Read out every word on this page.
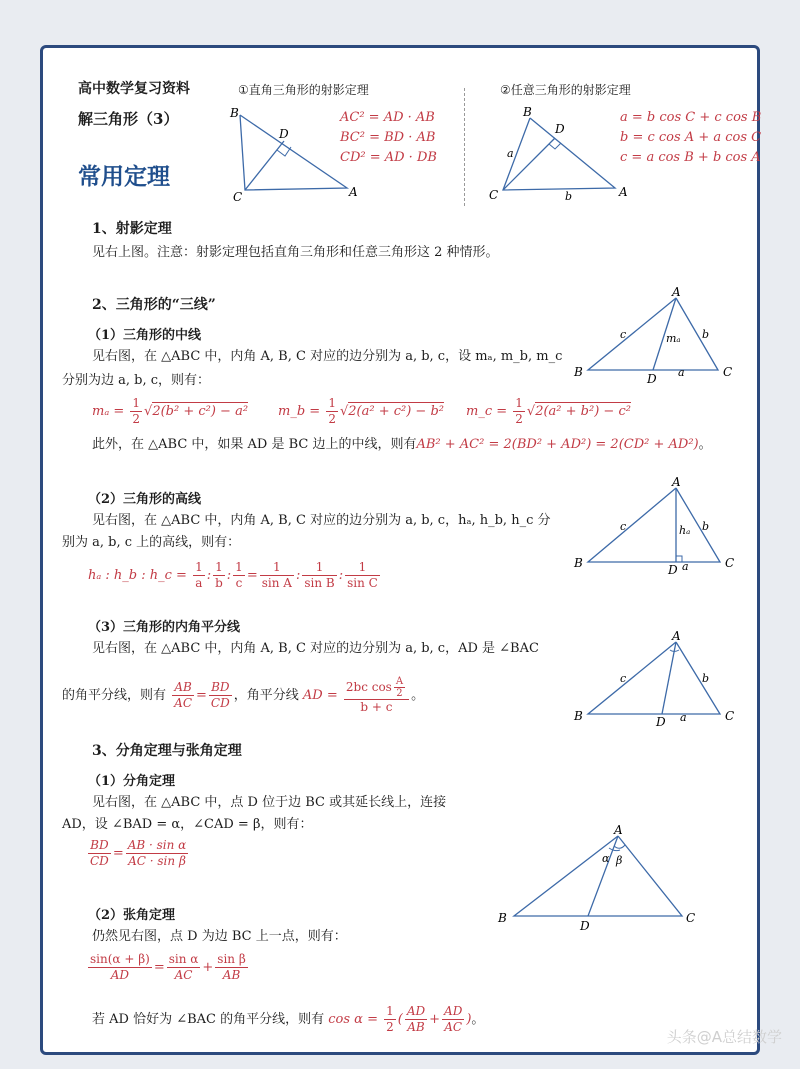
高中数学复习资料
解三角形（3）
常用定理
①直角三角形的射影定理
B
D
C	A
AC² = AD · AB
BC² = BD · AB
CD² = AD · DB
②任意三角形的射影定理
B
D
C	A
a
b
a = b cos C + c cos B
b = c cos A + a cos C
c = a cos B + b cos A
1、射影定理
见右上图。注意：射影定理包括直角三角形和任意三角形这 2 种情形。
2、三角形的“三线”
（1）三角形的中线
见右图，在 △ABC 中，内角 A, B, C 对应的边分别为 a, b, c，设 mₐ, m_b, m_c
分别为边 a, b, c，则有：
$m_a = \frac{1}{2} √2(b^2 + c^2) - a^2$ m_b = $\frac{1}{2} √2(a^2 + c^2) - b^2$ m_c = $\frac{1}{2} √2(a^2 + b^2) - c^2$
此外，在 △ABC 中，如果 AD 是 BC 边上的中线，则有AB² + AC² = 2(BD² + AD²) = 2(CD² + AD²)。
A
B	C
D
c	b
a
mₐ
（2）三角形的高线
见右图，在 △ABC 中，内角 A, B, C 对应的边分别为 a, b, c，hₐ, h_b, h_c 分
别为 a, b, c 上的高线，则有：
hₐ : h_b : h_c = $\frac{1}{a}$ : $\frac{1}{b}$ : $\frac{1}{c} = \frac{1}{\text{sin A}}$ : $\frac{1}{\text{sin B}}$ : $\frac{1}{\text{sin C}}$
A
B	C
D
c	b
a
hₐ
（3）三角形的内角平分线
见右图，在 △ABC 中，内角 A, B, C 对应的边分别为 a, b, c，AD 是 ∠BAC
的角平分线，则有 $\frac{AB}{AC} = \frac{BD}{CD}$ ，角平分线 AD = $\frac{2bc \cos \frac{A}{2}}{b + c}$ 。
A
B	C
D
c	b
a
3、分角定理与张角定理
（1）分角定理
见右图，在 △ABC 中，点 D 位于边 BC 或其延长线上，连接
AD，设 ∠BAD = α，∠CAD = β，则有：
$\frac{BD}{CD} = \frac{\text{AB · sin α}}{\text{AC · sin β}}$
（2）张角定理
仍然见右图，点 D 为边 BC 上一点，则有：
$\frac{\sin(\alpha + \beta)}{AD} = \frac{\text{sin α}}{AC} + \frac{\text{sin β}}{AB}$
若 AD 恰好为 ∠BAC 的角平分线，则有 $\cos \alpha = \frac{1}{2}$ ( $\frac{AD}{AB} + \frac{AD}{AC}$ )。
A
B	C
D
α β
头条@A总结数学
